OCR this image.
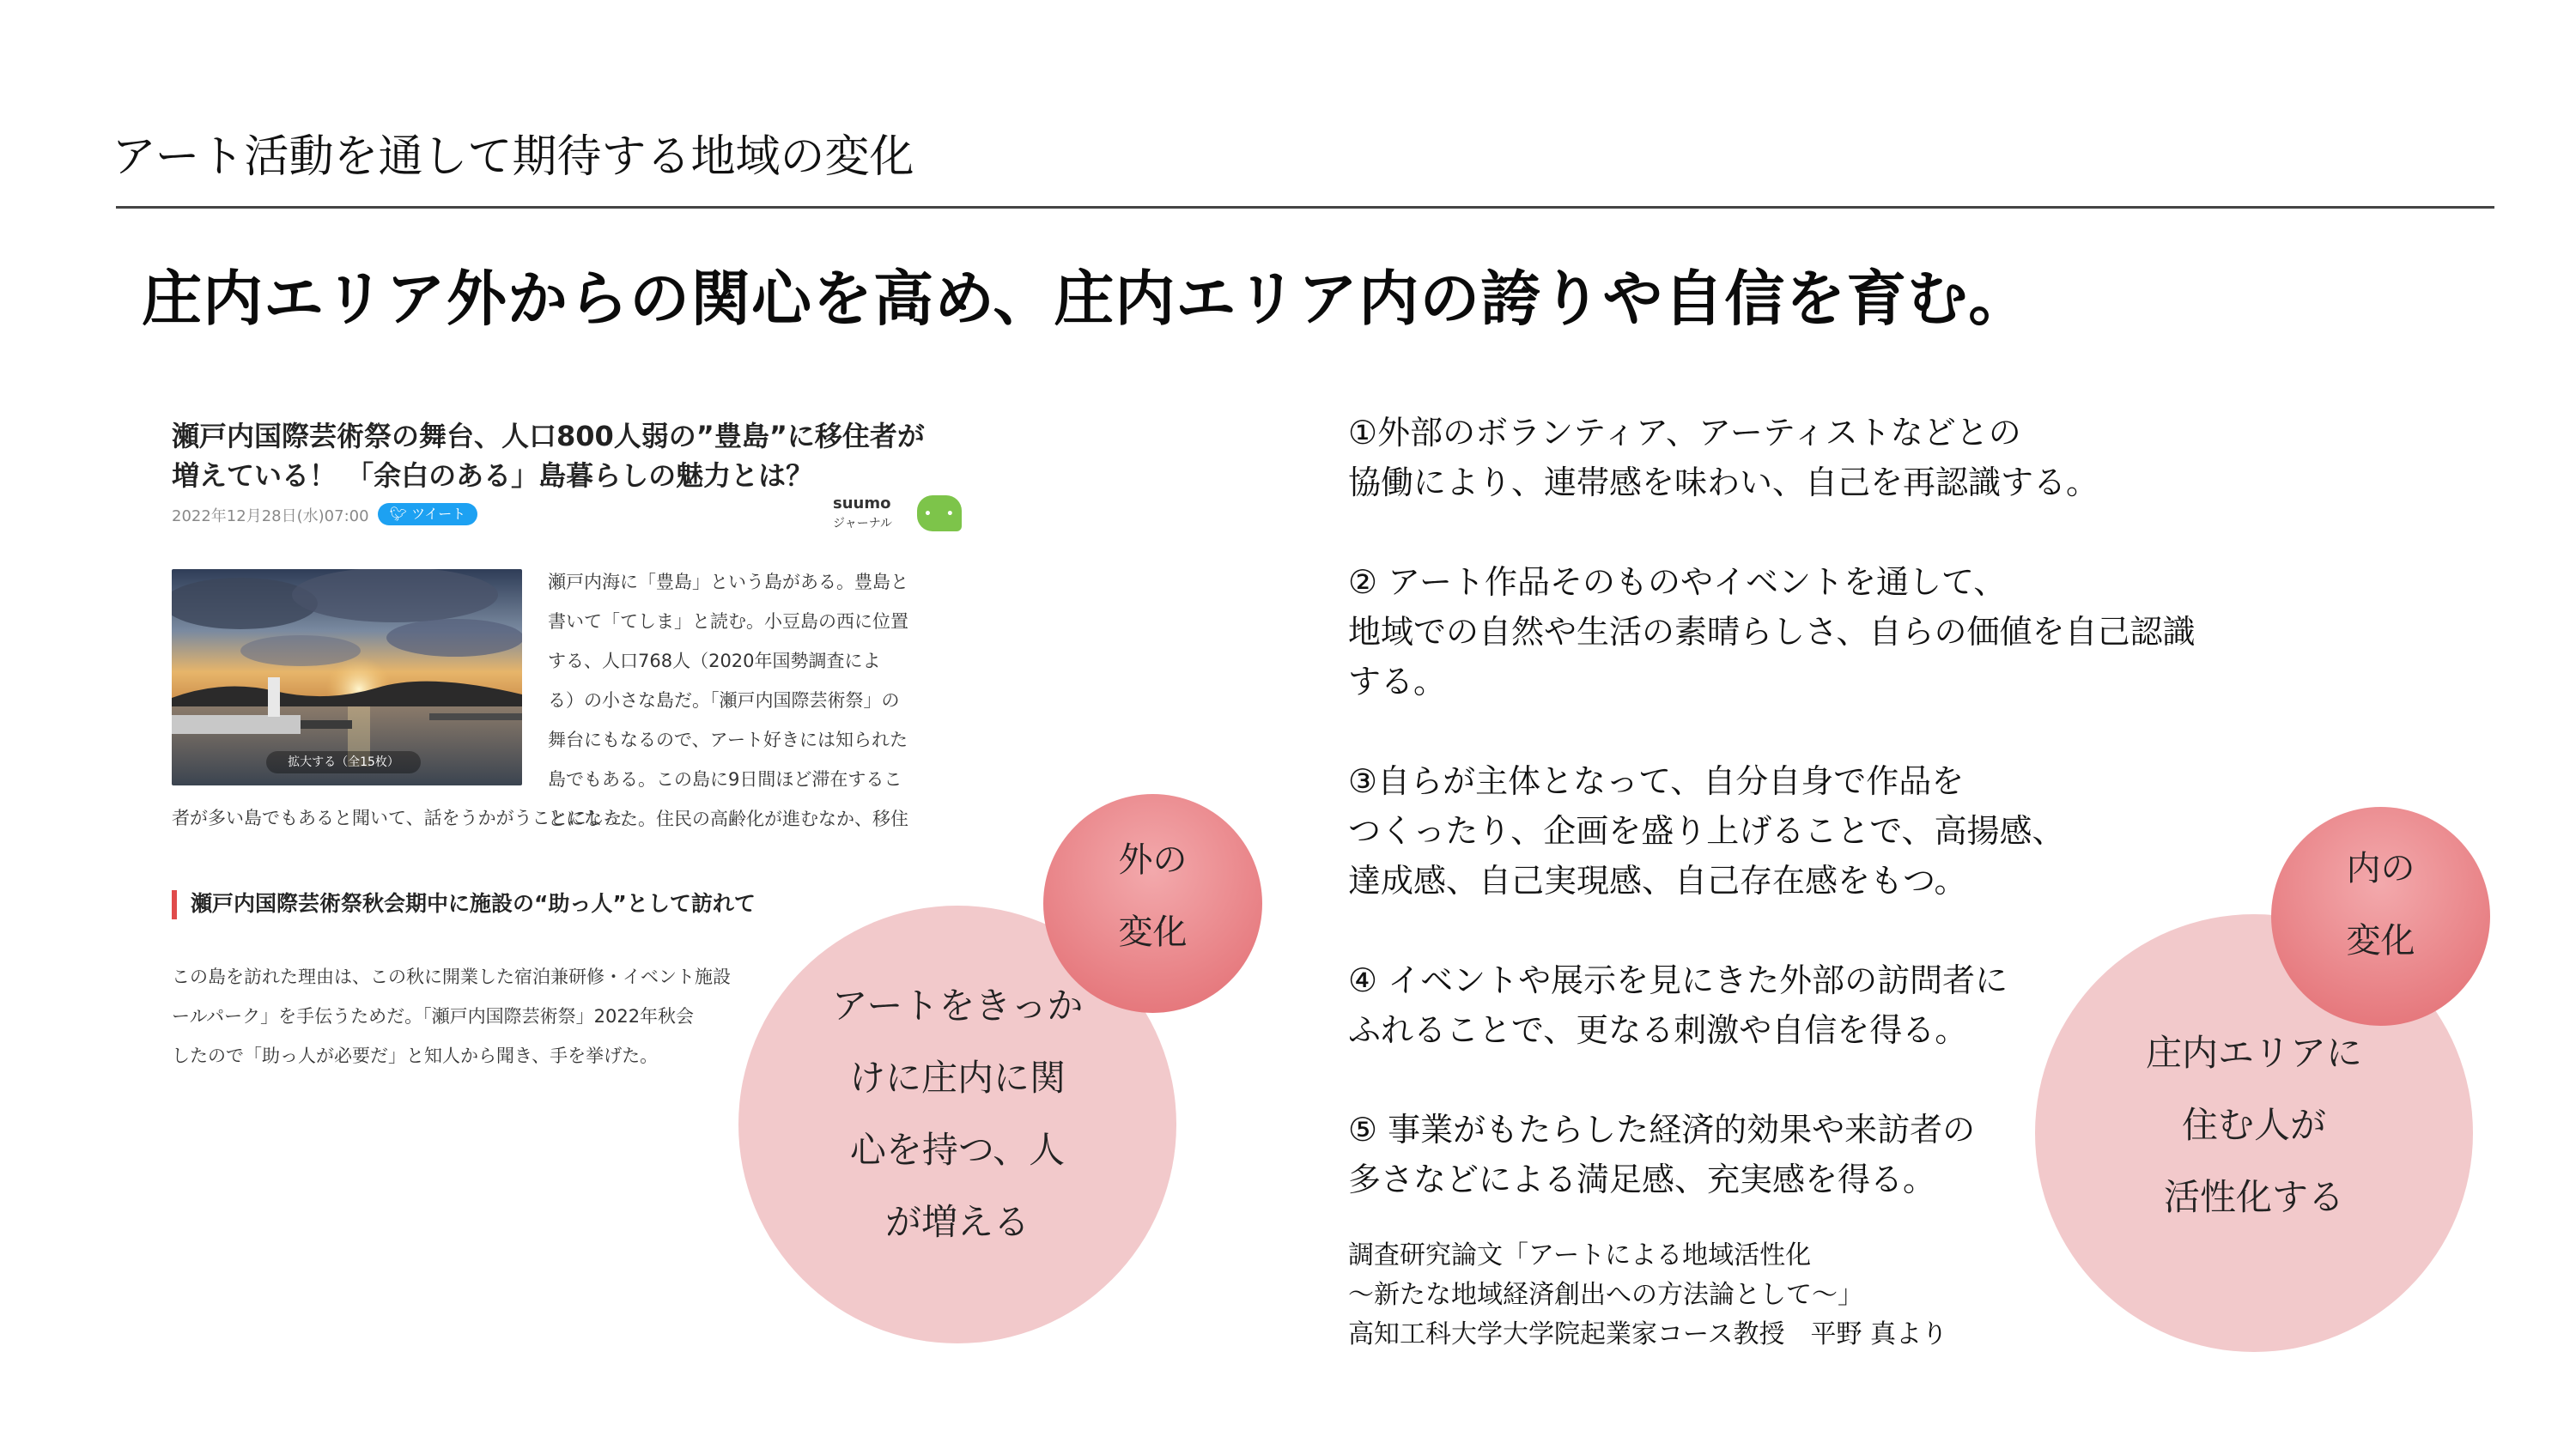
アート活動を通して期待する地域の変化
庄内エリア外からの関心を高め、庄内エリア内の誇りや自信を育む。
瀬戸内国際芸術祭の舞台、人口800人弱の”豊島”に移住者が
増えている！ 「余白のある」島暮らしの魅力とは？
2022年12月28日(水)07:00	🐦︎ ツイート
suumo
ジャーナル
• •
拡大する（全15枚）
瀬戸内海に「豊島」という島がある。豊島と
書いて「てしま」と読む。小豆島の西に位置
する、人口768人（2020年国勢調査によ
る）の小さな島だ。「瀬戸内国際芸術祭」の
舞台にもなるので、アート好きには知られた
島でもある。この島に9日間ほど滞在するこ
とになった。住民の高齢化が進むなか、移住
者が多い島でもあると聞いて、話をうかがうことにした。
瀬戸内国際芸術祭秋会期中に施設の“助っ人”として訪れて
この島を訪れた理由は、この秋に開業した宿泊兼研修・イベント施設
ールパーク」を手伝うためだ。「瀬戸内国際芸術祭」2022年秋会
したので「助っ人が必要だ」と知人から聞き、手を挙げた。
アートをきっか
けに庄内に関
心を持つ、人
が増える
外の
変化
①外部のボランティア、アーティストなどとの
協働により、連帯感を味わい、自己を再認識する。
② アート作品そのものやイベントを通して、
地域での自然や生活の素晴らしさ、自らの価値を自己認識
する。
③自らが主体となって、自分自身で作品を
つくったり、企画を盛り上げることで、高揚感、
達成感、自己実現感、自己存在感をもつ。
④ イベントや展示を見にきた外部の訪問者に
ふれることで、更なる刺激や自信を得る。
⑤ 事業がもたらした経済的効果や来訪者の
多さなどによる満足感、充実感を得る。
調査研究論文「アートによる地域活性化
～新たな地域経済創出への方法論として～」
高知工科大学大学院起業家コース教授　平野 真より
庄内エリアに
住む人が
活性化する
内の
変化
